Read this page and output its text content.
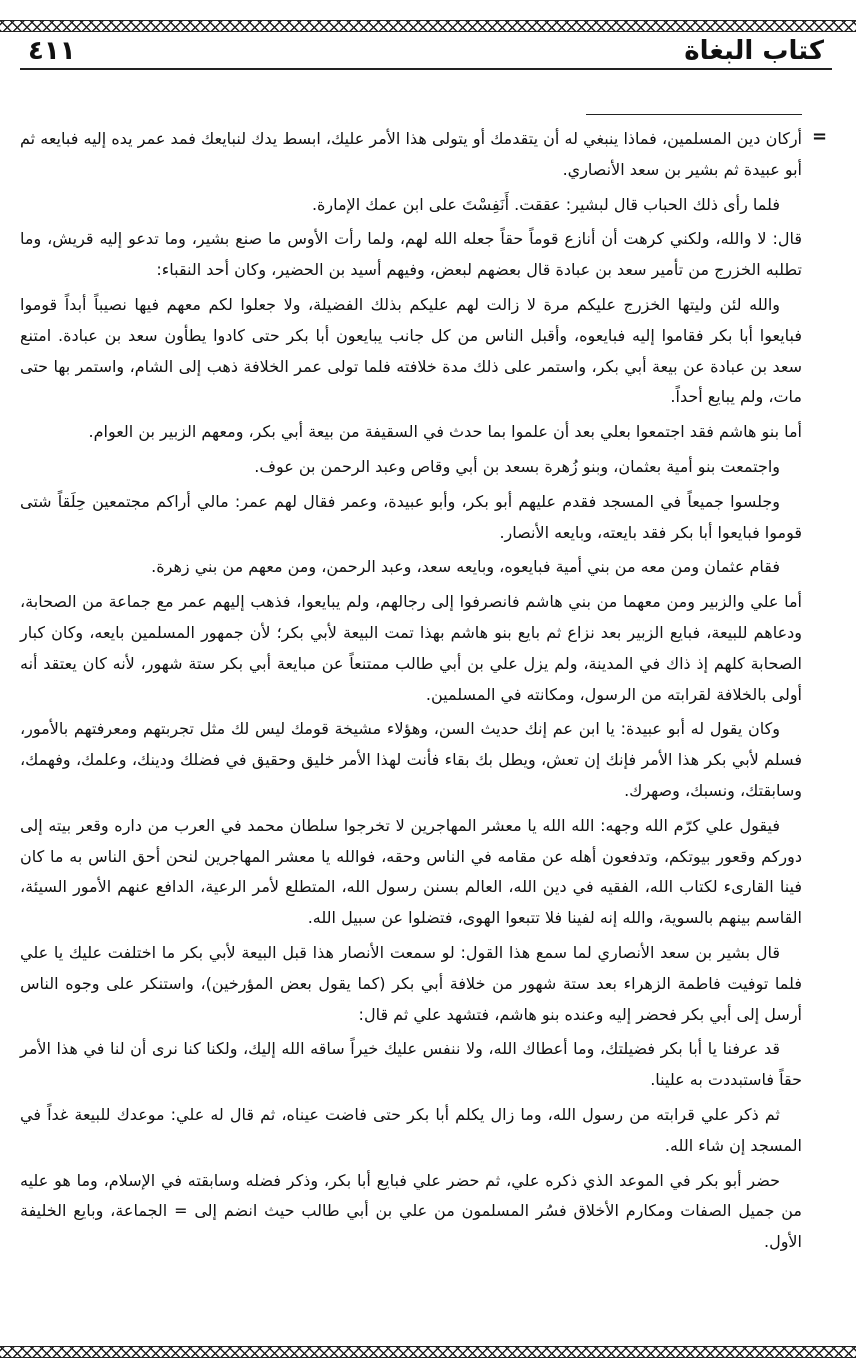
كتاب البغاة
٤١١
=

أركان دين المسلمين، فماذا ينبغي له أن يتقدمك أو يتولى هذا الأمر عليك، ابسط يدك لنبايعك فمد عمر يده إليه فبايعه ثم أبو عبيدة ثم بشير بن سعد الأنصاري.

فلما رأى ذلك الحباب قال لبشير: عققت. أَنَفِسْتَ على ابن عمك الإمارة.

قال: لا والله، ولكني كرهت أن أنازع قوماً حقاً جعله الله لهم، ولما رأت الأوس ما صنع بشير، وما تدعو إليه قريش، وما تطلبه الخزرج من تأمير سعد بن عبادة قال بعضهم لبعض، وفيهم أسيد بن الحضير، وكان أحد النقباء:

والله لئن وليتها الخزرج عليكم مرة لا زالت لهم عليكم بذلك الفضيلة، ولا جعلوا لكم معهم فيها نصيباً أبداً قوموا فبايعوا أبا بكر فقاموا إليه فبايعوه، وأقبل الناس من كل جانب يبايعون أبا بكر حتى كادوا يطأون سعد بن عبادة. امتنع سعد بن عبادة عن بيعة أبي بكر، واستمر على ذلك مدة خلافته فلما تولى عمر الخلافة ذهب إلى الشام، واستمر بها حتى مات، ولم يبايع أحداً.

أما بنو هاشم فقد اجتمعوا بعلي بعد أن علموا بما حدث في السقيفة من بيعة أبي بكر، ومعهم الزبير بن العوام.

واجتمعت بنو أمية بعثمان، وبنو زُهرة بسعد بن أبي وقاص وعبد الرحمن بن عوف.

وجلسوا جميعاً في المسجد فقدم عليهم أبو بكر، وأبو عبيدة، وعمر فقال لهم عمر: مالي أراكم مجتمعين حِلَقاً شتى قوموا فبايعوا أبا بكر فقد بايعته، وبايعه الأنصار.

فقام عثمان ومن معه من بني أمية فبايعوه، وبايعه سعد، وعبد الرحمن، ومن معهم من بني زهرة.

أما علي والزبير ومن معهما من بني هاشم فانصرفوا إلى رجالهم، ولم يبايعوا، فذهب إليهم عمر مع جماعة من الصحابة، ودعاهم للبيعة، فبايع الزبير بعد نزاع ثم بايع بنو هاشم بهذا تمت البيعة لأبي بكر؛ لأن جمهور المسلمين بايعه، وكان كبار الصحابة كلهم إذ ذاك في المدينة، ولم يزل علي بن أبي طالب ممتنعاً عن مبايعة أبي بكر ستة شهور، لأنه كان يعتقد أنه أولى بالخلافة لقرابته من الرسول، ومكانته في المسلمين.

وكان يقول له أبو عبيدة: يا ابن عم إنك حديث السن، وهؤلاء مشيخة قومك ليس لك مثل تجربتهم ومعرفتهم بالأمور، فسلم لأبي بكر هذا الأمر فإنك إن تعش، ويطل بك بقاء فأنت لهذا الأمر خليق وحقيق في فضلك ودينك، وعلمك، وفهمك، وسابقتك، ونسبك، وصهرك.

فيقول علي كرّم الله وجهه: الله الله يا معشر المهاجرين لا تخرجوا سلطان محمد في العرب من داره وقعر بيته إلى دوركم وقعور بيوتكم، وتدفعون أهله عن مقامه في الناس وحقه، فوالله يا معشر المهاجرين لنحن أحق الناس به ما كان فينا القارىء لكتاب الله، الفقيه في دين الله، العالم بسنن رسول الله، المتطلع لأمر الرعية، الدافع عنهم الأمور السيئة، القاسم بينهم بالسوية، والله إنه لفينا فلا تتبعوا الهوى، فتضلوا عن سبيل الله.

قال بشير بن سعد الأنصاري لما سمع هذا القول: لو سمعت الأنصار هذا قبل البيعة لأبي بكر ما اختلفت عليك يا علي فلما توفيت فاطمة الزهراء بعد ستة شهور من خلافة أبي بكر (كما يقول بعض المؤرخين)، واستنكر على وجوه الناس أرسل إلى أبي بكر فحضر إليه وعنده بنو هاشم، فتشهد علي ثم قال:

قد عرفنا يا أبا بكر فضيلتك، وما أعطاك الله، ولا ننفس عليك خيراً ساقه الله إليك، ولكنا كنا نرى أن لنا في هذا الأمر حقاً فاستبددت به علينا.

ثم ذكر علي قرابته من رسول الله، وما زال يكلم أبا بكر حتى فاضت عيناه، ثم قال له علي: موعدك للبيعة غداً في المسجد إن شاء الله.

حضر أبو بكر في الموعد الذي ذكره علي، ثم حضر علي فبايع أبا بكر، وذكر فضله وسابقته في الإسلام، وما هو عليه من جميل الصفات ومكارم الأخلاق فسُر المسلمون من علي بن أبي طالب حيث انضم إلى = الجماعة، وبايع الخليفة الأول.
